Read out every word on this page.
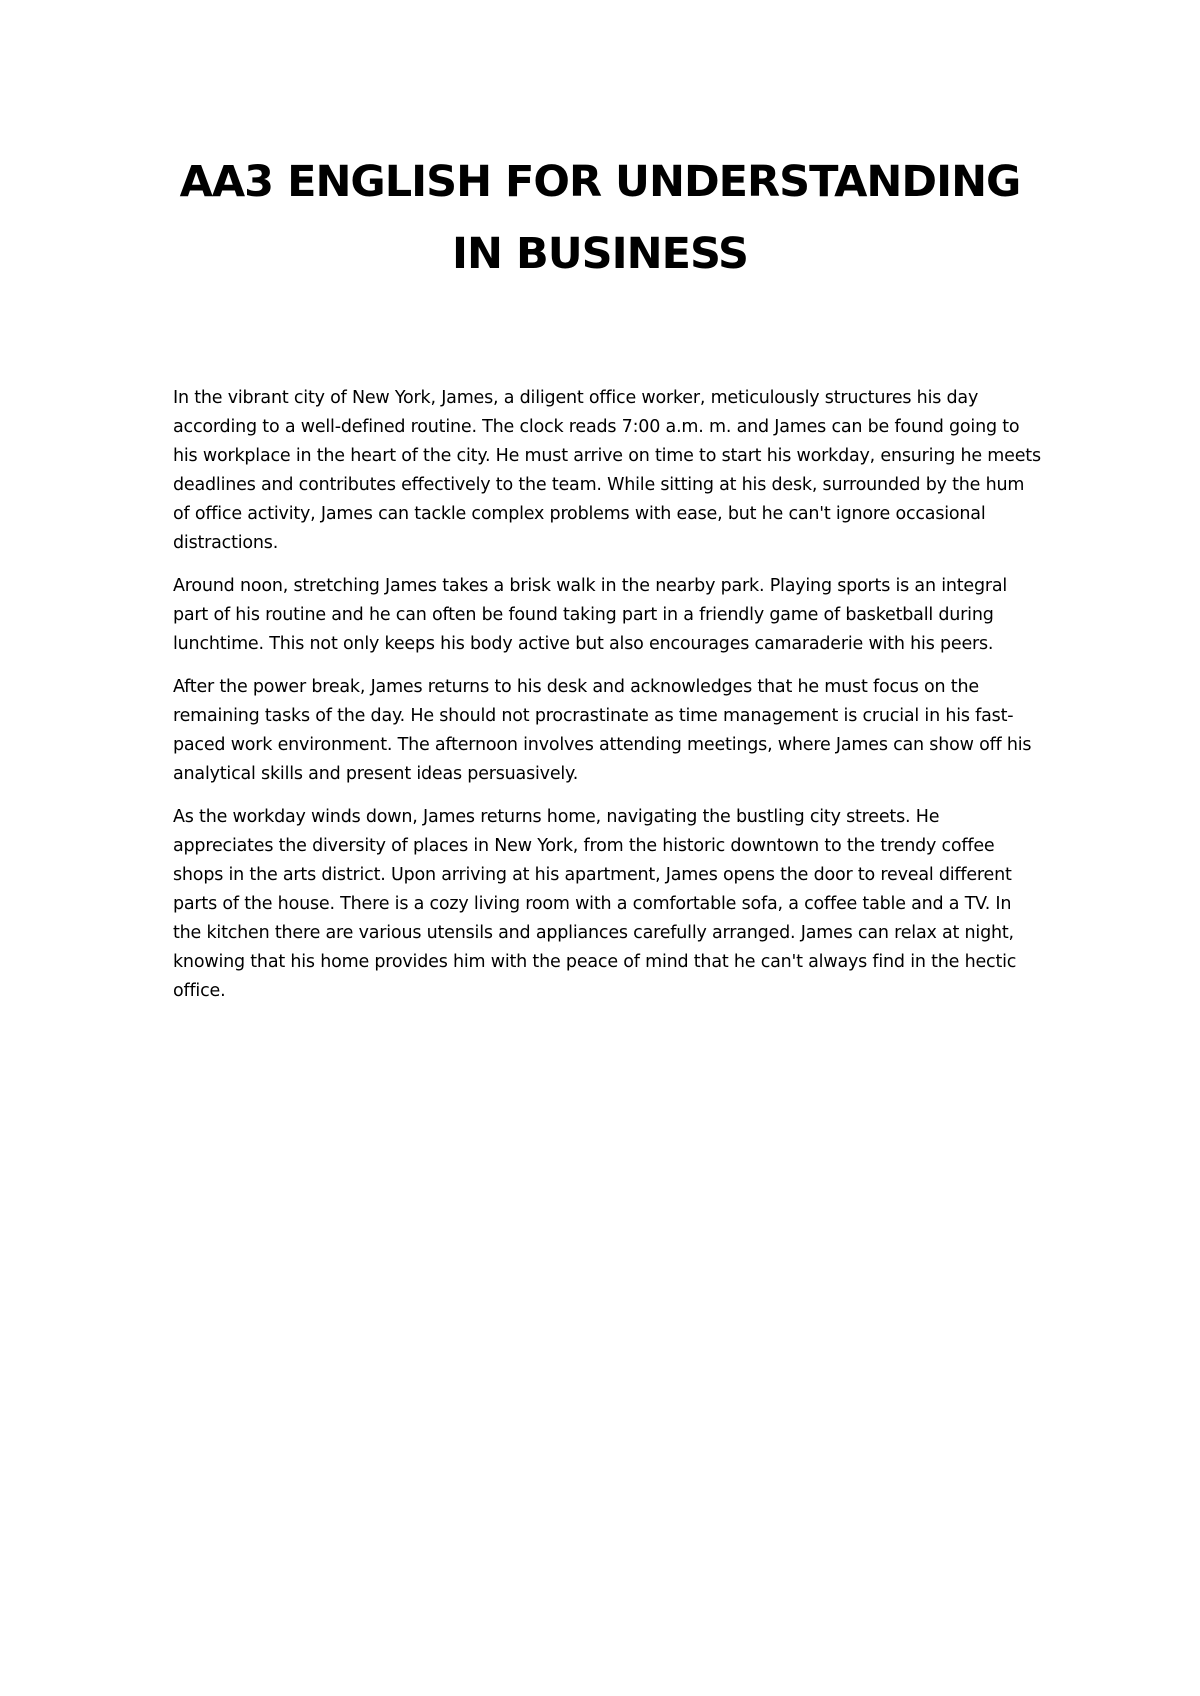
AA3 ENGLISH FOR UNDERSTANDING IN BUSINESS

In the vibrant city of New York, James, a diligent office worker, meticulously structures his day according to a well-defined routine. The clock reads 7:00 a.m. m. and James can be found going to his workplace in the heart of the city. He must arrive on time to start his workday, ensuring he meets deadlines and contributes effectively to the team. While sitting at his desk, surrounded by the hum of office activity, James can tackle complex problems with ease, but he can't ignore occasional distractions.

Around noon, stretching James takes a brisk walk in the nearby park. Playing sports is an integral part of his routine and he can often be found taking part in a friendly game of basketball during lunchtime. This not only keeps his body active but also encourages camaraderie with his peers.

After the power break, James returns to his desk and acknowledges that he must focus on the remaining tasks of the day. He should not procrastinate as time management is crucial in his fast-paced work environment. The afternoon involves attending meetings, where James can show off his analytical skills and present ideas persuasively.

As the workday winds down, James returns home, navigating the bustling city streets. He appreciates the diversity of places in New York, from the historic downtown to the trendy coffee shops in the arts district. Upon arriving at his apartment, James opens the door to reveal different parts of the house. There is a cozy living room with a comfortable sofa, a coffee table and a TV. In the kitchen there are various utensils and appliances carefully arranged. James can relax at night, knowing that his home provides him with the peace of mind that he can't always find in the hectic office.
